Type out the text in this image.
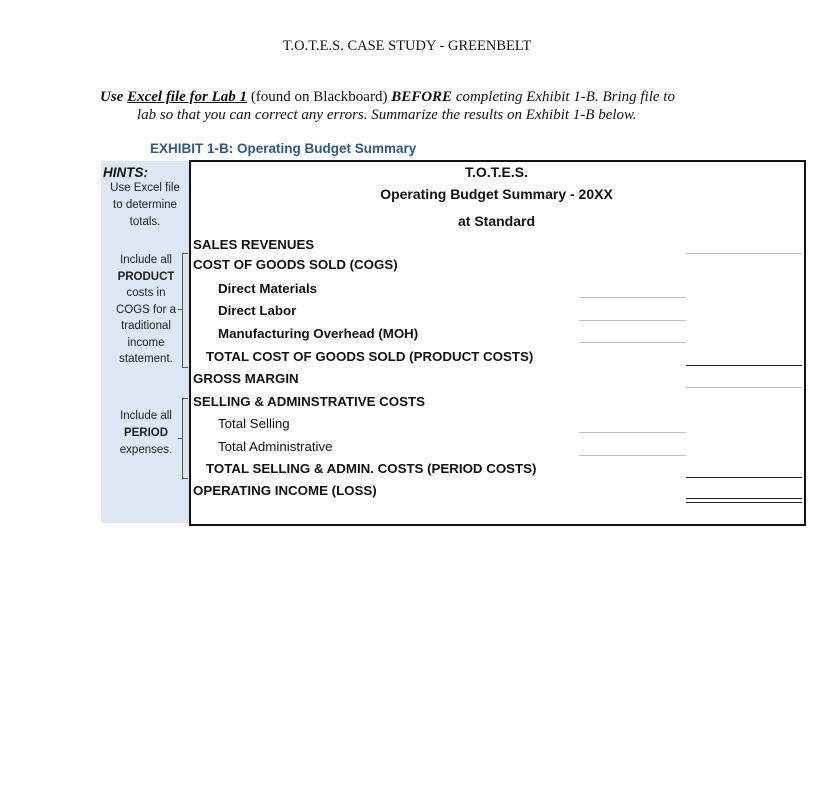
T.O.T.E.S. CASE STUDY - GREENBELT
Use Excel file for Lab 1 (found on Blackboard) BEFORE completing Exhibit 1-B. Bring file to
lab so that you can correct any errors. Summarize the results on Exhibit 1-B below.
EXHIBIT 1-B: Operating Budget Summary
HINTS:
Use Excel file to determine totals.
Include all
PRODUCT
costs in COGS for a traditional income statement.
Include all
PERIOD
expenses.
T.O.T.E.S.
Operating Budget Summary - 20XX
at Standard
SALES REVENUES
COST OF GOODS SOLD (COGS)
Direct Materials
Direct Labor
Manufacturing Overhead (MOH)
TOTAL COST OF GOODS SOLD (PRODUCT COSTS)
GROSS MARGIN
SELLING & ADMINSTRATIVE COSTS
Total Selling
Total Administrative
TOTAL SELLING & ADMIN. COSTS (PERIOD COSTS)
OPERATING INCOME (LOSS)
